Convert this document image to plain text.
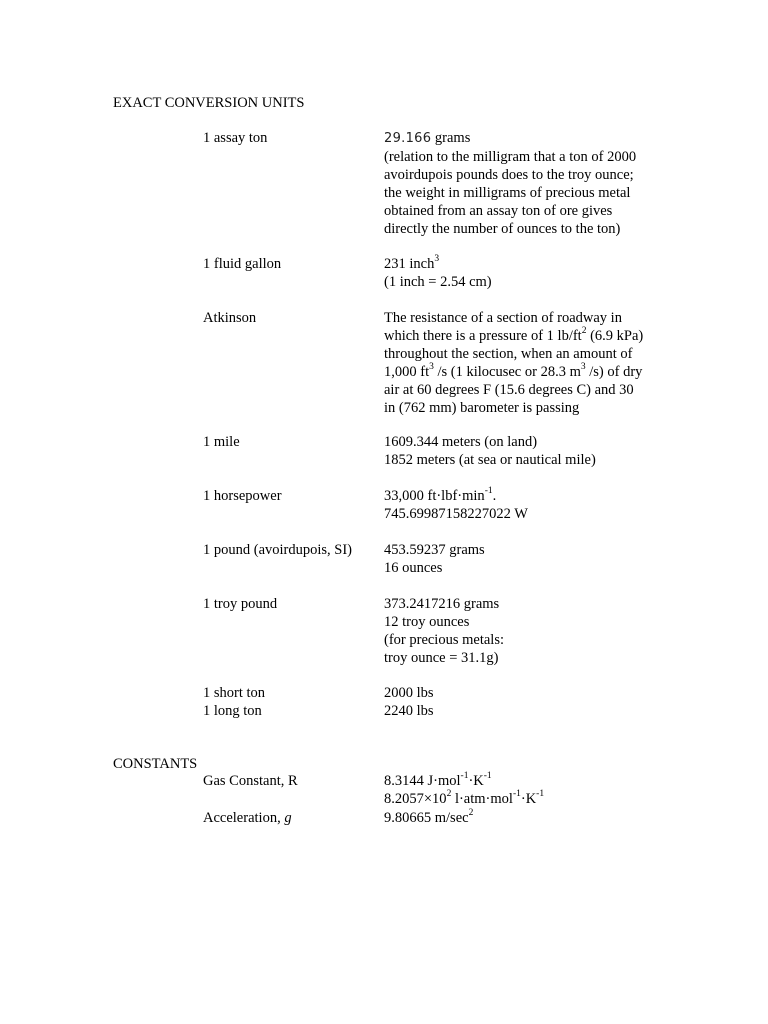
EXACT CONVERSION UNITS
1 assay ton	29.166 grams
(relation to the milligram that a ton of 2000
avoirdupois pounds does to the troy ounce;
the weight in milligrams of precious metal
obtained from an assay ton of ore gives
directly the number of ounces to the ton)
1 fluid gallon	231 inch$^3$
(1 inch = 2.54 cm)
Atkinson	The resistance of a section of roadway in
which there is a pressure of 1 $lb/ft^2$ (6.9 kPa)
throughout the section, when an amount of
1,000 $ft^3$ /s (1 kilocusec or 28.3 $m^3$ /s) of dry
air at 60 degrees F (15.6 degrees C) and 30
in (762 mm) barometer is passing
1 mile	1609.344 meters (on land)
1852 meters (at sea or nautical mile)
1 horsepower	33,000 $ft\cdot lbf\cdot\min^{-1}$.
745.69987158227022 W
1 pound (avoirdupois, SI)	453.59237 grams
16 ounces
1 troy pound	373.2417216 grams
12 troy ounces
(for precious metals:
troy ounce = 31.1g)
1 short ton	2000 lbs
1 long ton	2240 lbs
CONSTANTS
Gas Constant, R	8.3144 $J\cdot mol^{-1}\cdot K^{-1}$
$8.2057\times 10^2$ $l\cdot atm\cdot mol^{-1}\cdot K^{-1}$
Acceleration, g	9.80665 $m/\sec^2$
